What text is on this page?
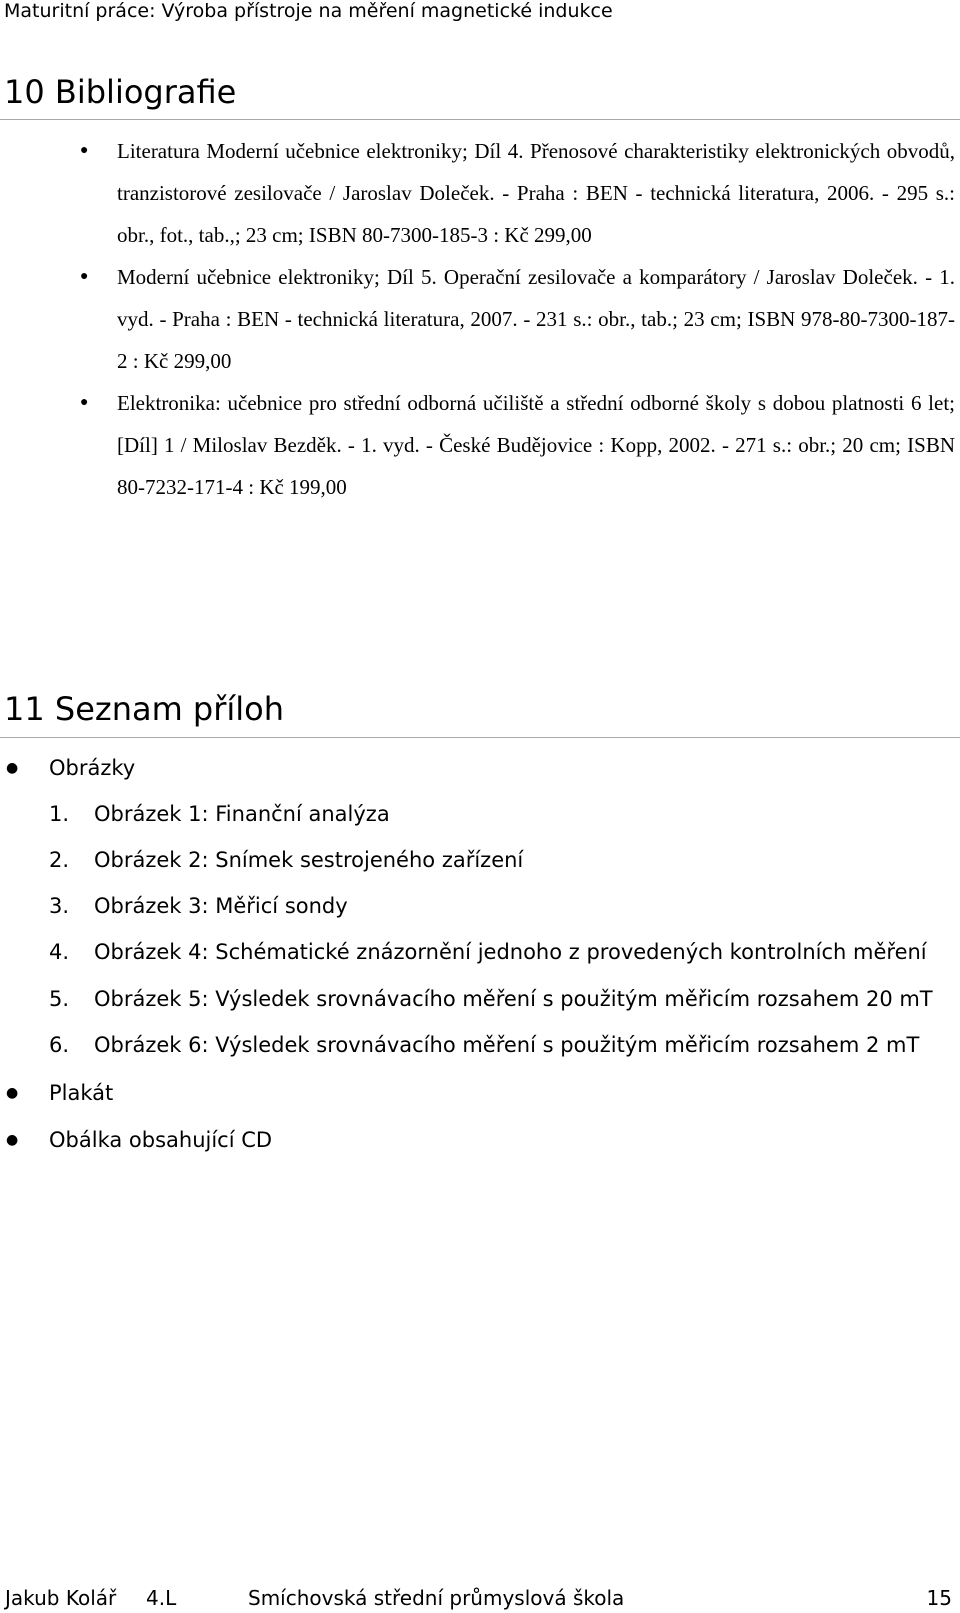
Maturitní práce: Výroba přístroje na měření magnetické indukce
10 Bibliografie
● Literatura Moderní učebnice elektroniky; Díl 4. Přenosové charakteristiky elektronických obvodů, tranzistorové zesilovače / Jaroslav Doleček. - Praha : BEN - technická literatura, 2006. - 295 s.: obr., fot., tab.,; 23 cm; ISBN 80-7300-185-3 : Kč 299,00
● Moderní učebnice elektroniky; Díl 5. Operační zesilovače a komparátory / Jaroslav Doleček. - 1. vyd. - Praha : BEN - technická literatura, 2007. - 231 s.: obr., tab.; 23 cm; ISBN 978-80-7300-187-2 : Kč 299,00
● Elektronika: učebnice pro střední odborná učiliště a střední odborné školy s dobou platnosti 6 let; [Díl] 1 / Miloslav Bezděk. - 1. vyd. - České Budějovice : Kopp, 2002. - 271 s.: obr.; 20 cm; ISBN 80-7232-171-4 : Kč 199,00
11 Seznam příloh
● Obrázky
1. Obrázek 1: Finanční analýza
2. Obrázek 2: Snímek sestrojeného zařízení
3. Obrázek 3: Měřicí sondy
4. Obrázek 4: Schématické znázornění jednoho z provedených kontrolních měření
5. Obrázek 5: Výsledek srovnávacího měření s použitým měřicím rozsahem 20 mT
6. Obrázek 6: Výsledek srovnávacího měření s použitým měřicím rozsahem 2 mT
● Plakát
● Obálka obsahující CD
Jakub Kolář 4.L	Smíchovská střední průmyslová škola	15
